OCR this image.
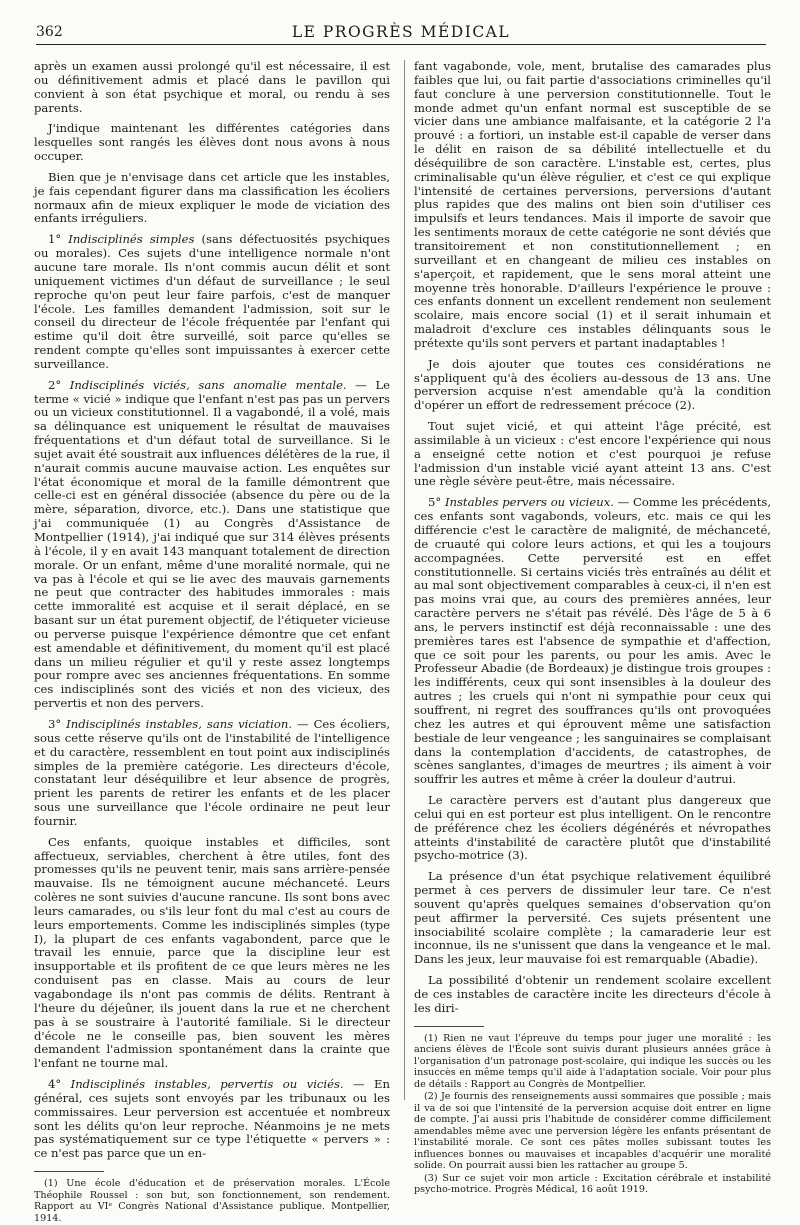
362	LE PROGRÈS MÉDICAL

après un examen aussi prolongé qu'il est nécessaire, il est ou définitivement admis et placé dans le pavillon qui convient à son état psychique et moral, ou rendu à ses parents.

J'indique maintenant les différentes catégories dans lesquelles sont rangés les élèves dont nous avons à nous occuper.

Bien que je n'envisage dans cet article que les instables, je fais cependant figurer dans ma classification les écoliers normaux afin de mieux expliquer le mode de viciation des enfants irréguliers.

1° Indisciplinés simples (sans défectuosités psychiques ou morales). Ces sujets d'une intelligence normale n'ont aucune tare morale. Ils n'ont commis aucun délit et sont uniquement victimes d'un défaut de surveillance ; le seul reproche qu'on peut leur faire parfois, c'est de manquer l'école. Les familles demandent l'admission, soit sur le conseil du directeur de l'école fréquentée par l'enfant qui estime qu'il doit être surveillé, soit parce qu'elles se rendent compte qu'elles sont impuissantes à exercer cette surveillance.

2° Indisciplinés viciés, sans anomalie mentale. — Le terme « vicié » indique que l'enfant n'est pas pas un pervers ou un vicieux constitutionnel. Il a vagabondé, il a volé, mais sa délinquance est uniquement le résultat de mauvaises fréquentations et d'un défaut total de surveillance. Si le sujet avait été soustrait aux influences délétères de la rue, il n'aurait commis aucune mauvaise action. Les enquêtes sur l'état économique et moral de la famille démontrent que celle-ci est en général dissociée (absence du père ou de la mère, séparation, divorce, etc.). Dans une statistique que j'ai communiquée (1) au Congrès d'Assistance de Montpellier (1914), j'ai indiqué que sur 314 élèves présents à l'école, il y en avait 143 manquant totalement de direction morale. Or un enfant, même d'une moralité normale, qui ne va pas à l'école et qui se lie avec des mauvais garnements ne peut que contracter des habitudes immorales : mais cette immoralité est acquise et il serait déplacé, en se basant sur un état purement objectif, de l'étiqueter vicieuse ou perverse puisque l'expérience démontre que cet enfant est amendable et définitivement, du moment qu'il est placé dans un milieu régulier et qu'il y reste assez longtemps pour rompre avec ses anciennes fréquentations. En somme ces indisciplinés sont des viciés et non des vicieux, des pervertis et non des pervers.

3° Indisciplinés instables, sans viciation. — Ces écoliers, sous cette réserve qu'ils ont de l'instabilité de l'intelligence et du caractère, ressemblent en tout point aux indisciplinés simples de la première catégorie. Les directeurs d'école, constatant leur déséquilibre et leur absence de progrès, prient les parents de retirer les enfants et de les placer sous une surveillance que l'école ordinaire ne peut leur fournir.

Ces enfants, quoique instables et difficiles, sont affectueux, serviables, cherchent à être utiles, font des promesses qu'ils ne peuvent tenir, mais sans arrière-pensée mauvaise. Ils ne témoignent aucune méchanceté. Leurs colères ne sont suivies d'aucune rancune. Ils sont bons avec leurs camarades, ou s'ils leur font du mal c'est au cours de leurs emportements. Comme les indisciplinés simples (type I), la plupart de ces enfants vagabondent, parce que le travail les ennuie, parce que la discipline leur est insupportable et ils profitent de ce que leurs mères ne les conduisent pas en classe. Mais au cours de leur vagabondage ils n'ont pas commis de délits. Rentrant à l'heure du déjeûner, ils jouent dans la rue et ne cherchent pas à se soustraire à l'autorité familiale. Si le directeur d'école ne le conseille pas, bien souvent les mères demandent l'admission spontanément dans la crainte que l'enfant ne tourne mal.

4° Indisciplinés instables, pervertis ou viciés. — En général, ces sujets sont envoyés par les tribunaux ou les commissaires. Leur perversion est accentuée et nombreux sont les délits qu'on leur reproche. Néanmoins je ne mets pas systématiquement sur ce type l'étiquette « pervers » : ce n'est pas parce que un en-

(1) Une école d'éducation et de préservation morales. L'École Théophile Roussel : son but, son fonctionnement, son rendement. Rapport au VIᵉ Congrès National d'Assistance publique. Montpellier, 1914.

fant vagabonde, vole, ment, brutalise des camarades plus faibles que lui, ou fait partie d'associations criminelles qu'il faut conclure à une perversion constitutionnelle. Tout le monde admet qu'un enfant normal est susceptible de se vicier dans une ambiance malfaisante, et la catégorie 2 l'a prouvé : a fortiori, un instable est-il capable de verser dans le délit en raison de sa débilité intellectuelle et du déséquilibre de son caractère. L'instable est, certes, plus criminalisable qu'un élève régulier, et c'est ce qui explique l'intensité de certaines perversions, perversions d'autant plus rapides que des malins ont bien soin d'utiliser ces impulsifs et leurs tendances. Mais il importe de savoir que les sentiments moraux de cette catégorie ne sont déviés que transitoirement et non constitutionnellement ; en surveillant et en changeant de milieu ces instables on s'aperçoit, et rapidement, que le sens moral atteint une moyenne très honorable. D'ailleurs l'expérience le prouve : ces enfants donnent un excellent rendement non seulement scolaire, mais encore social (1) et il serait inhumain et maladroit d'exclure ces instables délinquants sous le prétexte qu'ils sont pervers et partant inadaptables !

Je dois ajouter que toutes ces considérations ne s'appliquent qu'à des écoliers au-dessous de 13 ans. Une perversion acquise n'est amendable qu'à la condition d'opérer un effort de redressement précoce (2).

Tout sujet vicié, et qui atteint l'âge précité, est assimilable à un vicieux : c'est encore l'expérience qui nous a enseigné cette notion et c'est pourquoi je refuse l'admission d'un instable vicié ayant atteint 13 ans. C'est une règle sévère peut-être, mais nécessaire.

5° Instables pervers ou vicieux. — Comme les précédents, ces enfants sont vagabonds, voleurs, etc. mais ce qui les différencie c'est le caractère de malignité, de méchanceté, de cruauté qui colore leurs actions, et qui les a toujours accompagnées. Cette perversité est en effet constitutionnelle. Si certains viciés très entraînés au délit et au mal sont objectivement comparables à ceux-ci, il n'en est pas moins vrai que, au cours des premières années, leur caractère pervers ne s'était pas révélé. Dès l'âge de 5 à 6 ans, le pervers instinctif est déjà reconnaissable : une des premières tares est l'absence de sympathie et d'affection, que ce soit pour les parents, ou pour les amis. Avec le Professeur Abadie (de Bordeaux) je distingue trois groupes : les indifférents, ceux qui sont insensibles à la douleur des autres ; les cruels qui n'ont ni sympathie pour ceux qui souffrent, ni regret des souffrances qu'ils ont provoquées chez les autres et qui éprouvent même une satisfaction bestiale de leur vengeance ; les sanguinaires se complaisant dans la contemplation d'accidents, de catastrophes, de scènes sanglantes, d'images de meurtres ; ils aiment à voir souffrir les autres et même à créer la douleur d'autrui.

Le caractère pervers est d'autant plus dangereux que celui qui en est porteur est plus intelligent. On le rencontre de préférence chez les écoliers dégénérés et névropathes atteints d'instabilité de caractère plutôt que d'instabilité psycho-motrice (3).

La présence d'un état psychique relativement équilibré permet à ces pervers de dissimuler leur tare. Ce n'est souvent qu'après quelques semaines d'observation qu'on peut affirmer la perversité. Ces sujets présentent une insociabilité scolaire complète ; la camaraderie leur est inconnue, ils ne s'unissent que dans la vengeance et le mal. Dans les jeux, leur mauvaise foi est remarquable (Abadie).

La possibilité d'obtenir un rendement scolaire excellent de ces instables de caractère incite les directeurs d'école à les diri-

(1) Rien ne vaut l'épreuve du temps pour juger une moralité : les anciens élèves de l'École sont suivis durant plusieurs années grâce à l'organisation d'un patronage post-scolaire, qui indique les succès ou les insuccès en même temps qu'il aide à l'adaptation sociale. Voir pour plus de détails : Rapport au Congrès de Montpellier.

(2) Je fournis des renseignements aussi sommaires que possible ; mais il va de soi que l'intensité de la perversion acquise doit entrer en ligne de compte. J'ai aussi pris l'habitude de considérer comme difficilement amendables même avec une perversion légère les enfants présentant de l'instabilité morale. Ce sont ces pâtes molles subissant toutes les influences bonnes ou mauvaises et incapables d'acquérir une moralité solide. On pourrait aussi bien les rattacher au groupe 5.

(3) Sur ce sujet voir mon article : Excitation cérébrale et instabilité psycho-motrice. Progrès Médical, 16 août 1919.
